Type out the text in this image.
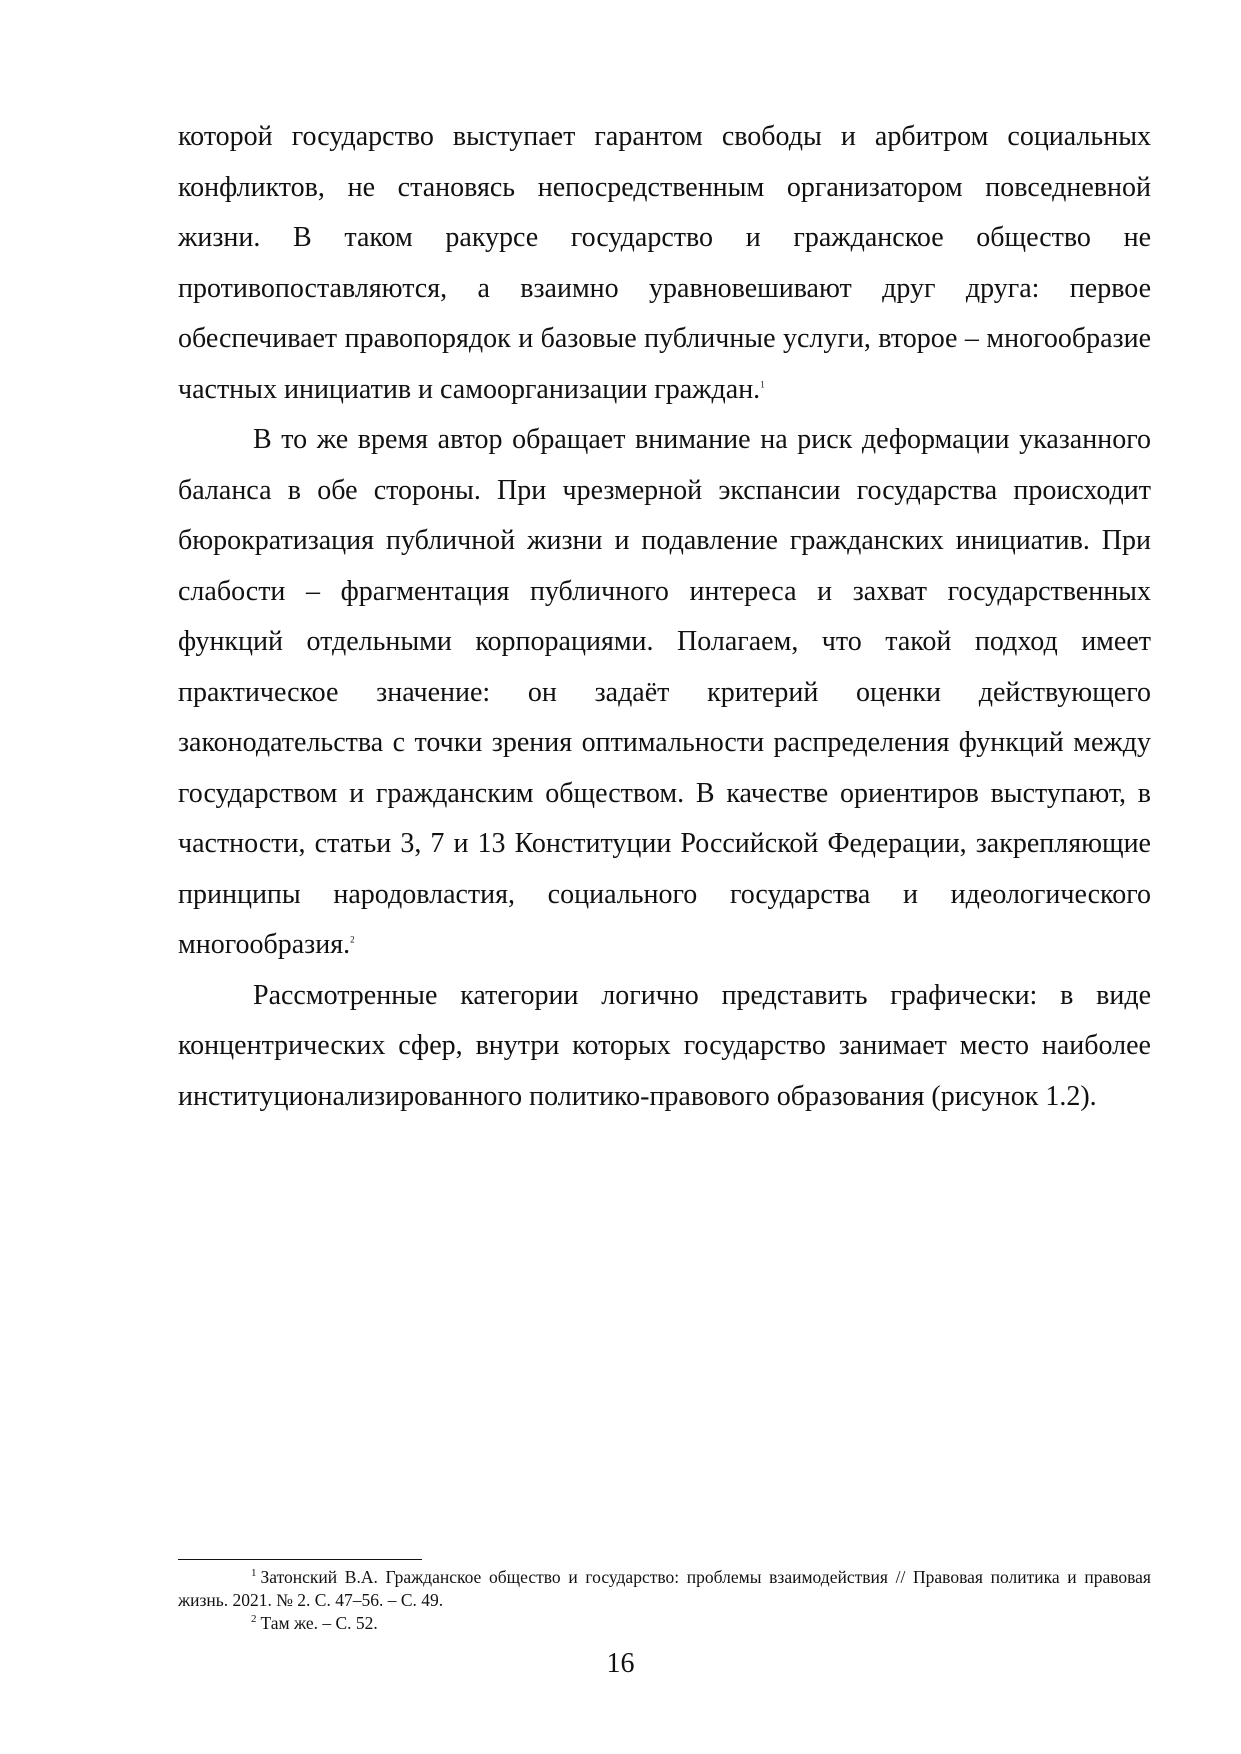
которой государство выступает гарантом свободы и арбитром социальных конфликтов, не становясь непосредственным организатором повседневной жизни. В таком ракурсе государство и гражданское общество не противопоставляются, а взаимно уравновешивают друг друга: первое обеспечивает правопорядок и базовые публичные услуги, второе – многообразие частных инициатив и самоорганизации граждан.$^1$

В то же время автор обращает внимание на риск деформации указанного баланса в обе стороны. При чрезмерной экспансии государства происходит бюрократизация публичной жизни и подавление гражданских инициатив. При слабости – фрагментация публичного интереса и захват государственных функций отдельными корпорациями. Полагаем, что такой подход имеет практическое значение: он задаёт критерий оценки действующего законодательства с точки зрения оптимальности распределения функций между государством и гражданским обществом. В качестве ориентиров выступают, в частности, статьи 3, 7 и 13 Конституции Российской Федерации, закрепляющие принципы народовластия, социального государства и идеологического многообразия.$^2$

Рассмотренные категории логично представить графически: в виде концентрических сфер, внутри которых государство занимает место наиболее институционализированного политико-правового образования (рисунок 1.2).

$^1$ Затонский В.А. Гражданское общество и государство: проблемы взаимодействия // Правовая политика и правовая жизнь. 2021. № 2. С. 47–56. – С. 49.

$^2$ Там же. – С. 52.

16
